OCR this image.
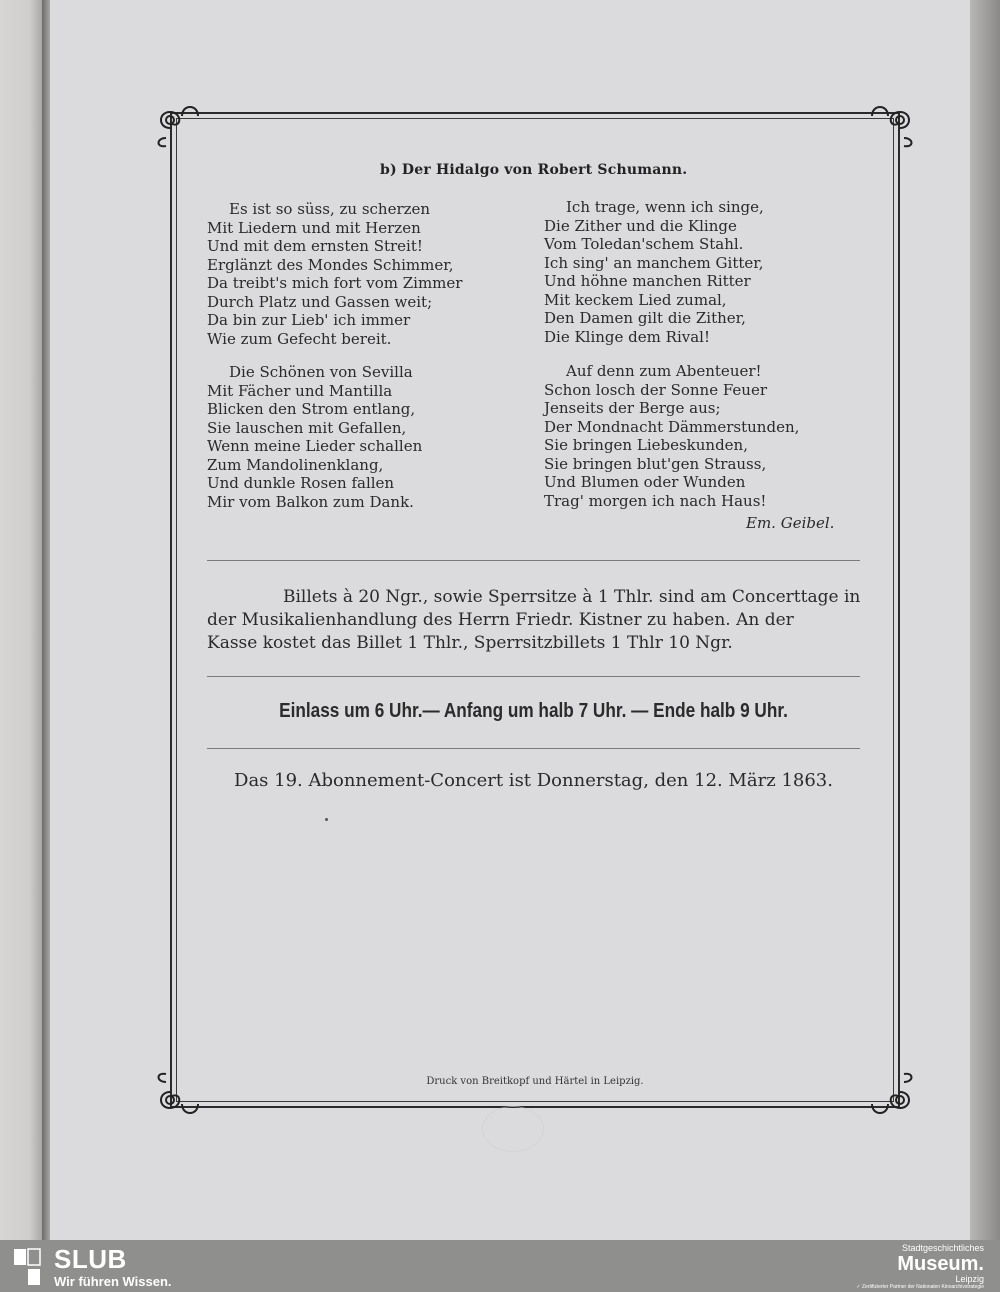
b) Der Hidalgo von Robert Schumann.
Es ist so süss, zu scherzen
Mit Liedern und mit Herzen
Und mit dem ernsten Streit!
Erglänzt des Mondes Schimmer,
Da treibt's mich fort vom Zimmer
Durch Platz und Gassen weit;
Da bin zur Lieb' ich immer
Wie zum Gefecht bereit.
Ich trage, wenn ich singe,
Die Zither und die Klinge
Vom Toledan'schem Stahl.
Ich sing' an manchem Gitter,
Und höhne manchen Ritter
Mit keckem Lied zumal,
Den Damen gilt die Zither,
Die Klinge dem Rival!
Die Schönen von Sevilla
Mit Fächer und Mantilla
Blicken den Strom entlang,
Sie lauschen mit Gefallen,
Wenn meine Lieder schallen
Zum Mandolinenklang,
Und dunkle Rosen fallen
Mir vom Balkon zum Dank.
Auf denn zum Abenteuer!
Schon losch der Sonne Feuer
Jenseits der Berge aus;
Der Mondnacht Dämmerstunden,
Sie bringen Liebeskunden,
Sie bringen blut'gen Strauss,
Und Blumen oder Wunden
Trag' morgen ich nach Haus!
Em. Geibel.
Billets à 20 Ngr., sowie Sperrsitze à 1 Thlr. sind am Concerttage in
der Musikalienhandlung des Herrn Friedr. Kistner zu haben. An der
Kasse kostet das Billet 1 Thlr., Sperrsitzbillets 1 Thlr 10 Ngr.
Einlass um 6 Uhr.— Anfang um halb 7 Uhr. — Ende halb 9 Uhr.
Das 19. Abonnement-Concert ist Donnerstag, den 12. März 1863.
Druck von Breitkopf und Härtel in Leipzig.
SLUB
Wir führen Wissen.
Stadtgeschichtliches
Museum.
Leipzig
✓ Zertifizierter Partner der Nationalen Kinoarchivstrategie
